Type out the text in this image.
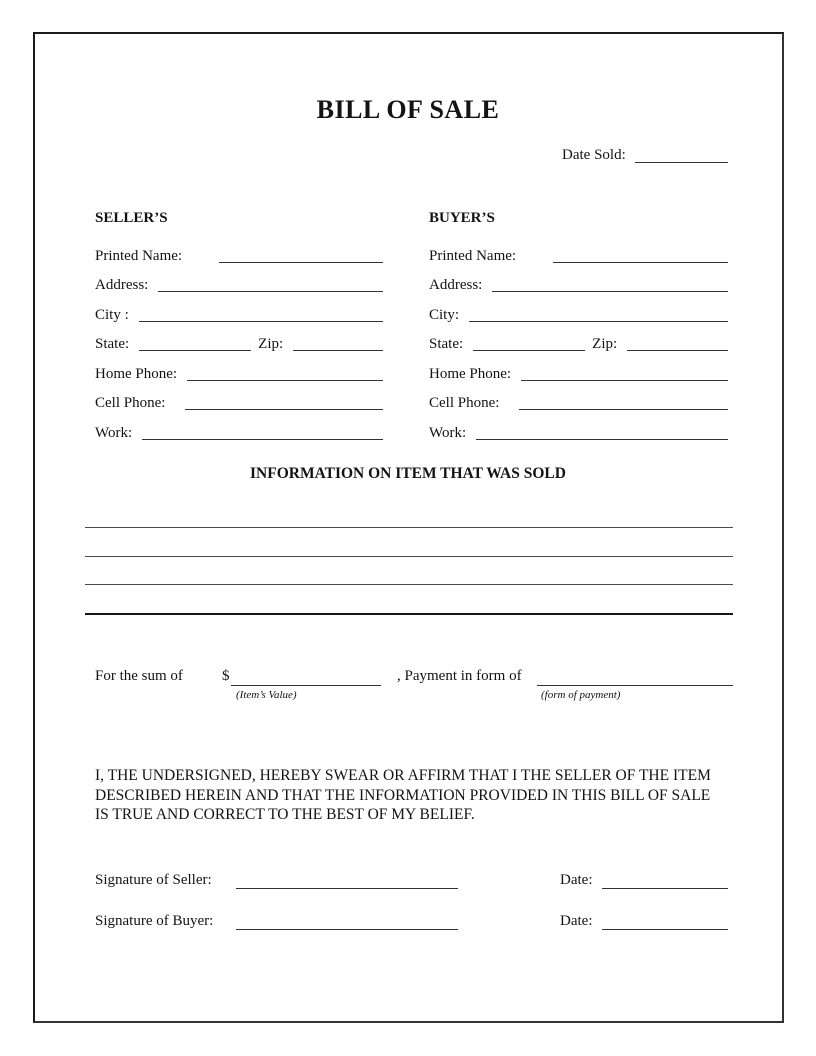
BILL OF SALE
Date Sold:
SELLER’S
Printed Name:
Address:
City :
State:	Zip:
Home Phone:
Cell Phone:
Work:
BUYER’S
Printed Name:
Address:
City:
State:	Zip:
Home Phone:
Cell Phone:
Work:
INFORMATION ON ITEM THAT WAS SOLD
For the sum of	$
(Item’s Value)
, Payment in form of
(form of payment)
I, THE UNDERSIGNED, HEREBY SWEAR OR AFFIRM THAT I THE SELLER OF THE ITEM
DESCRIBED HEREIN AND THAT THE INFORMATION PROVIDED IN THIS BILL OF SALE
IS TRUE AND CORRECT TO THE BEST OF MY BELIEF.
Signature of Seller:	Date:
Signature of Buyer:	Date:
